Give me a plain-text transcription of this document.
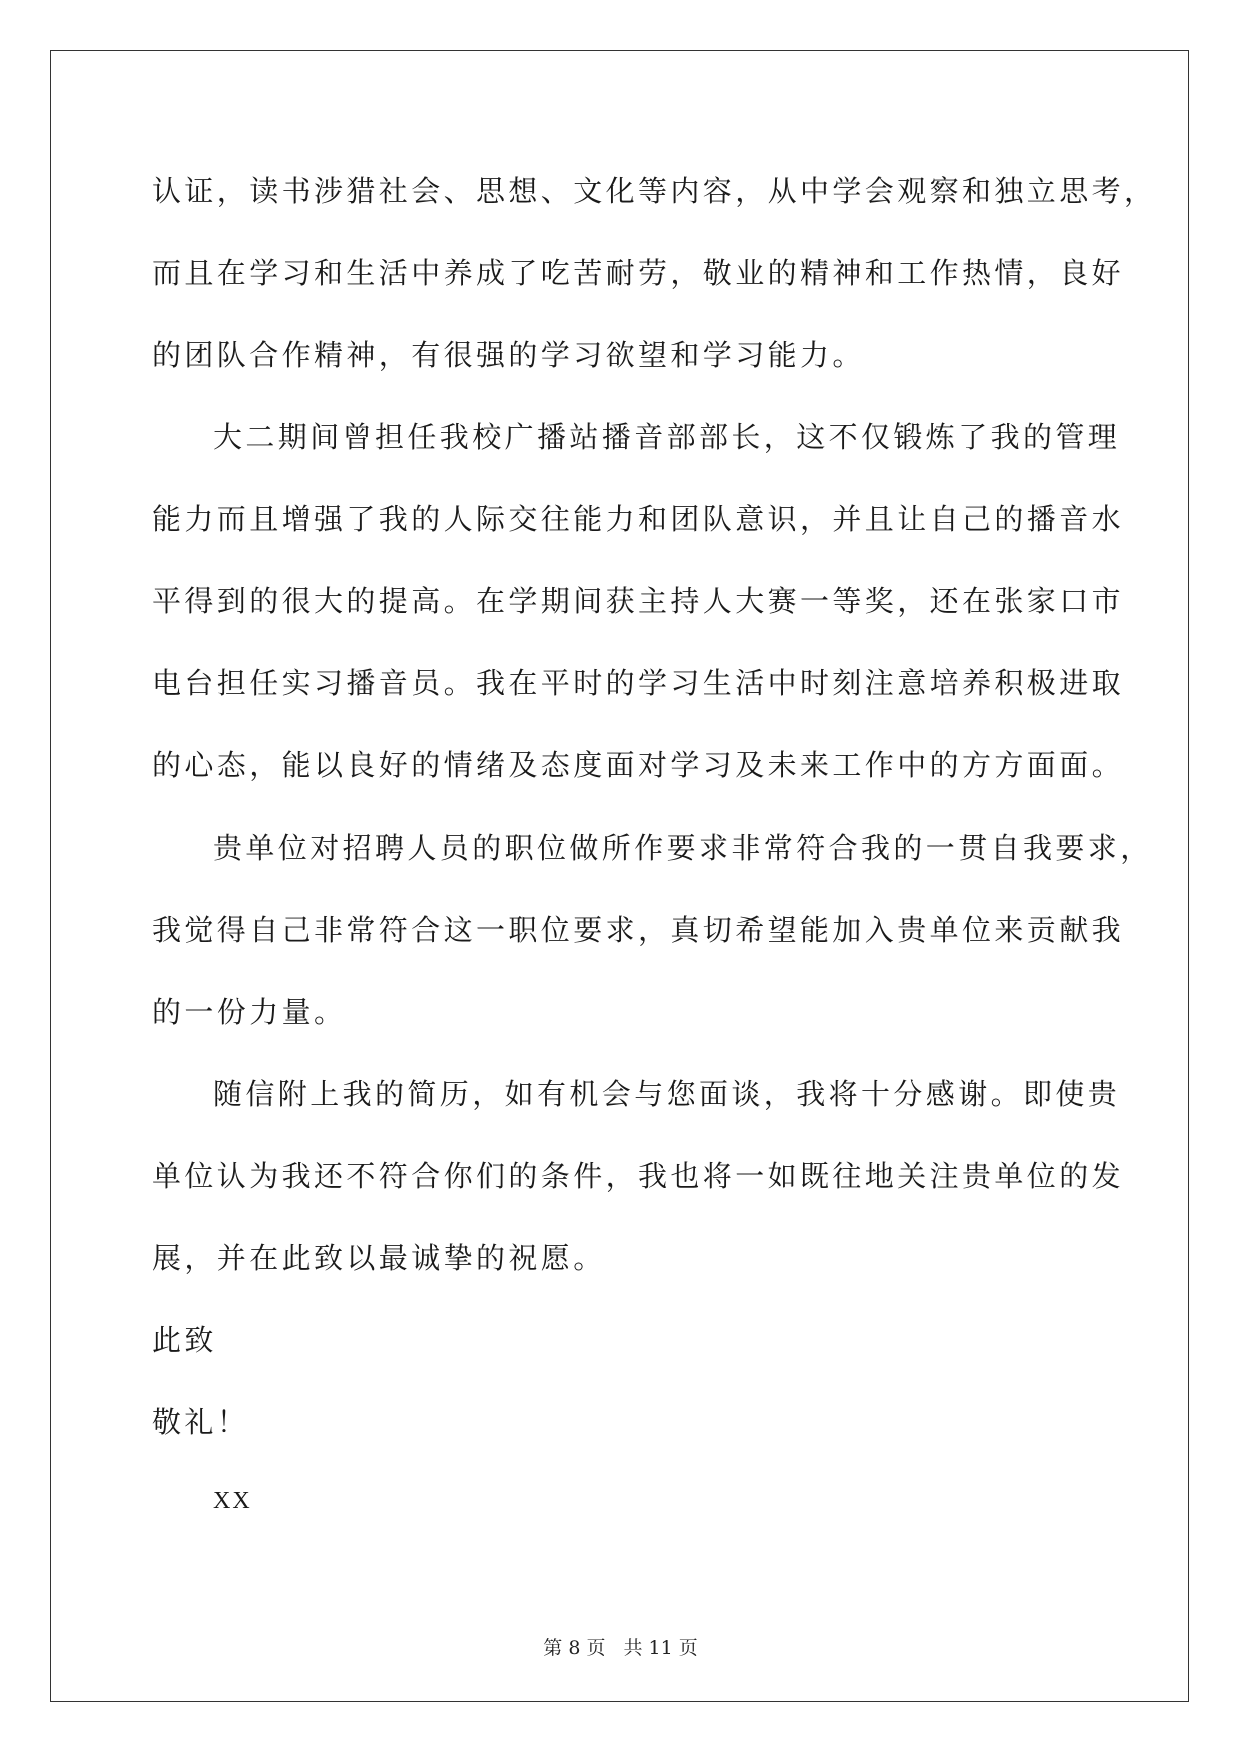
认证，读书涉猎社会、思想、文化等内容，从中学会观察和独立思考，
而且在学习和生活中养成了吃苦耐劳，敬业的精神和工作热情，良好
的团队合作精神，有很强的学习欲望和学习能力。
大二期间曾担任我校广播站播音部部长，这不仅锻炼了我的管理
能力而且增强了我的人际交往能力和团队意识，并且让自己的播音水
平得到的很大的提高。在学期间获主持人大赛一等奖，还在张家口市
电台担任实习播音员。我在平时的学习生活中时刻注意培养积极进取
的心态，能以良好的情绪及态度面对学习及未来工作中的方方面面。
贵单位对招聘人员的职位做所作要求非常符合我的一贯自我要求，
我觉得自己非常符合这一职位要求，真切希望能加入贵单位来贡献我
的一份力量。
随信附上我的简历，如有机会与您面谈，我将十分感谢。即使贵
单位认为我还不符合你们的条件，我也将一如既往地关注贵单位的发
展，并在此致以最诚挚的祝愿。
此致
敬礼！
XX
第 8 页 共 11 页
